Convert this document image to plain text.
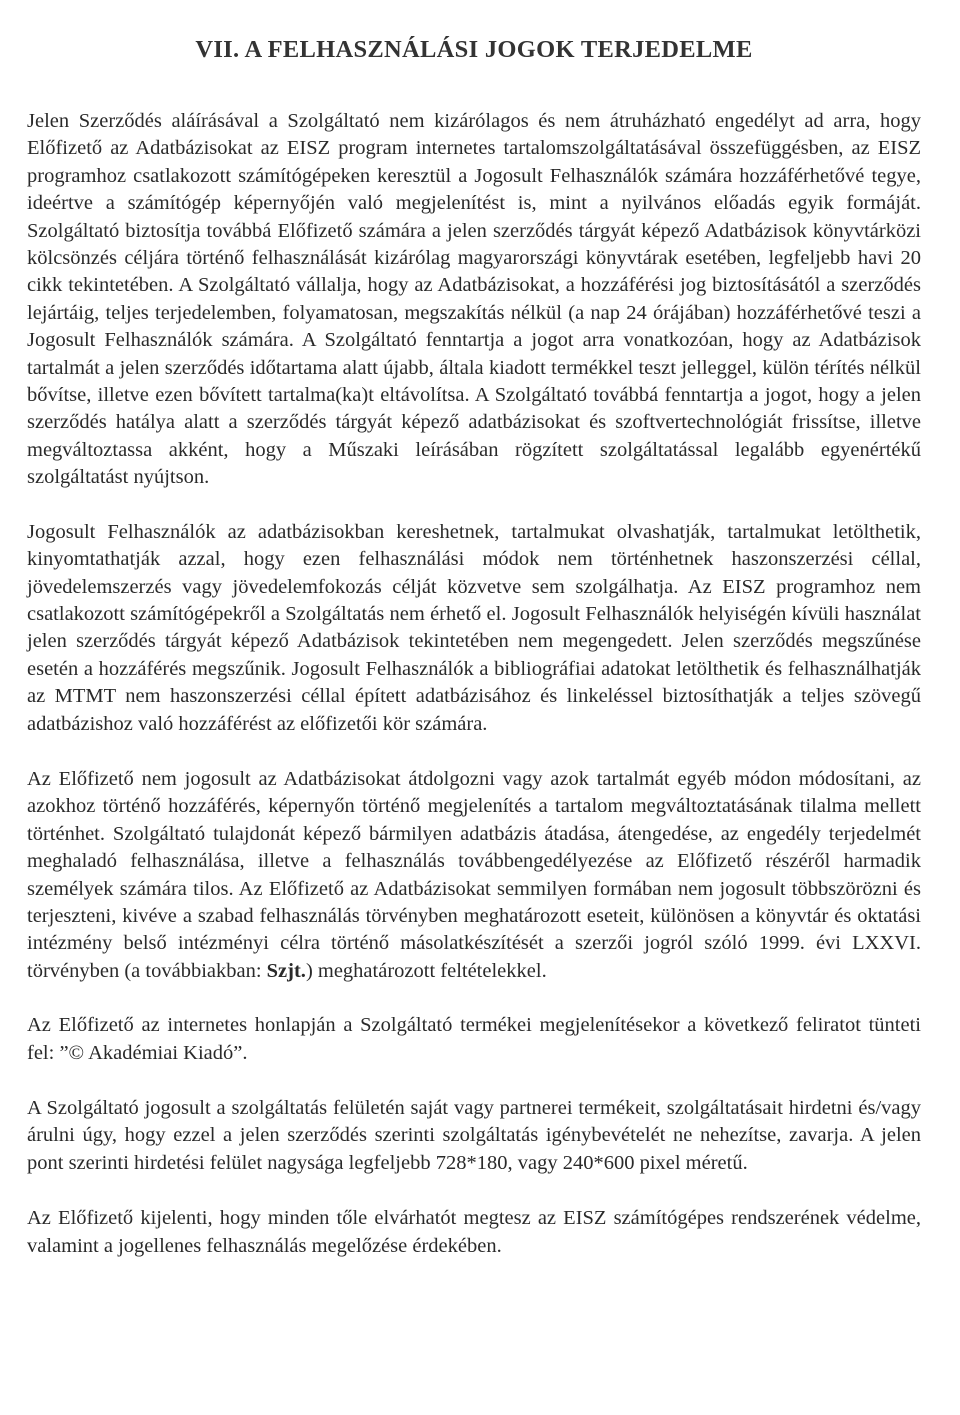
VII. A FELHASZNÁLÁSI JOGOK TERJEDELME

Jelen Szerződés aláírásával a Szolgáltató nem kizárólagos és nem átruházható engedélyt ad arra, hogy Előfizető az Adatbázisokat az EISZ program internetes tartalomszolgáltatásával összefüggésben, az EISZ programhoz csatlakozott számítógépeken keresztül a Jogosult Felhasználók számára hozzáférhetővé tegye, ideértve a számítógép képernyőjén való megjelenítést is, mint a nyilvános előadás egyik formáját. Szolgáltató biztosítja továbbá Előfizető számára a jelen szerződés tárgyát képező Adatbázisok könyvtárközi kölcsönzés céljára történő felhasználását kizárólag magyarországi könyvtárak esetében, legfeljebb havi 20 cikk tekintetében. A Szolgáltató vállalja, hogy az Adatbázisokat, a hozzáférési jog biztosításától a szerződés lejártáig, teljes terjedelemben, folyamatosan, megszakítás nélkül (a nap 24 órájában) hozzáférhetővé teszi a Jogosult Felhasználók számára. A Szolgáltató fenntartja a jogot arra vonatkozóan, hogy az Adatbázisok tartalmát a jelen szerződés időtartama alatt újabb, általa kiadott termékkel teszt jelleggel, külön térítés nélkül bővítse, illetve ezen bővített tartalma(ka)t eltávolítsa. A Szolgáltató továbbá fenntartja a jogot, hogy a jelen szerződés hatálya alatt a szerződés tárgyát képező adatbázisokat és szoftvertechnológiát frissítse, illetve megváltoztassa akként, hogy a Műszaki leírásában rögzített szolgáltatással legalább egyenértékű szolgáltatást nyújtson.

Jogosult Felhasználók az adatbázisokban kereshetnek, tartalmukat olvashatják, tartalmukat letölthetik, kinyomtathatják azzal, hogy ezen felhasználási módok nem történhetnek haszonszerzési céllal, jövedelemszerzés vagy jövedelemfokozás célját közvetve sem szolgálhatja. Az EISZ programhoz nem csatlakozott számítógépekről a Szolgáltatás nem érhető el. Jogosult Felhasználók helyiségén kívüli használat jelen szerződés tárgyát képező Adatbázisok tekintetében nem megengedett. Jelen szerződés megszűnése esetén a hozzáférés megszűnik. Jogosult Felhasználók a bibliográfiai adatokat letölthetik és felhasználhatják az MTMT nem haszonszerzési céllal épített adatbázisához és linkeléssel biztosíthatják a teljes szövegű adatbázishoz való hozzáférést az előfizetői kör számára.

Az Előfizető nem jogosult az Adatbázisokat átdolgozni vagy azok tartalmát egyéb módon módosítani, az azokhoz történő hozzáférés, képernyőn történő megjelenítés a tartalom megváltoztatásának tilalma mellett történhet. Szolgáltató tulajdonát képező bármilyen adatbázis átadása, átengedése, az engedély terjedelmét meghaladó felhasználása, illetve a felhasználás továbbengedélyezése az Előfizető részéről harmadik személyek számára tilos. Az Előfizető az Adatbázisokat semmilyen formában nem jogosult többszörözni és terjeszteni, kivéve a szabad felhasználás törvényben meghatározott eseteit, különösen a könyvtár és oktatási intézmény belső intézményi célra történő másolatkészítését a szerzői jogról szóló 1999. évi LXXVI. törvényben (a továbbiakban: Szjt.) meghatározott feltételekkel.

Az Előfizető az internetes honlapján a Szolgáltató termékei megjelenítésekor a következő feliratot tünteti fel: ”© Akadémiai Kiadó”.

A Szolgáltató jogosult a szolgáltatás felületén saját vagy partnerei termékeit, szolgáltatásait hirdetni és/vagy árulni úgy, hogy ezzel a jelen szerződés szerinti szolgáltatás igénybevételét ne nehezítse, zavarja. A jelen pont szerinti hirdetési felület nagysága legfeljebb 728*180, vagy 240*600 pixel méretű.

Az Előfizető kijelenti, hogy minden tőle elvárhatót megtesz az EISZ számítógépes rendszerének védelme, valamint a jogellenes felhasználás megelőzése érdekében.
